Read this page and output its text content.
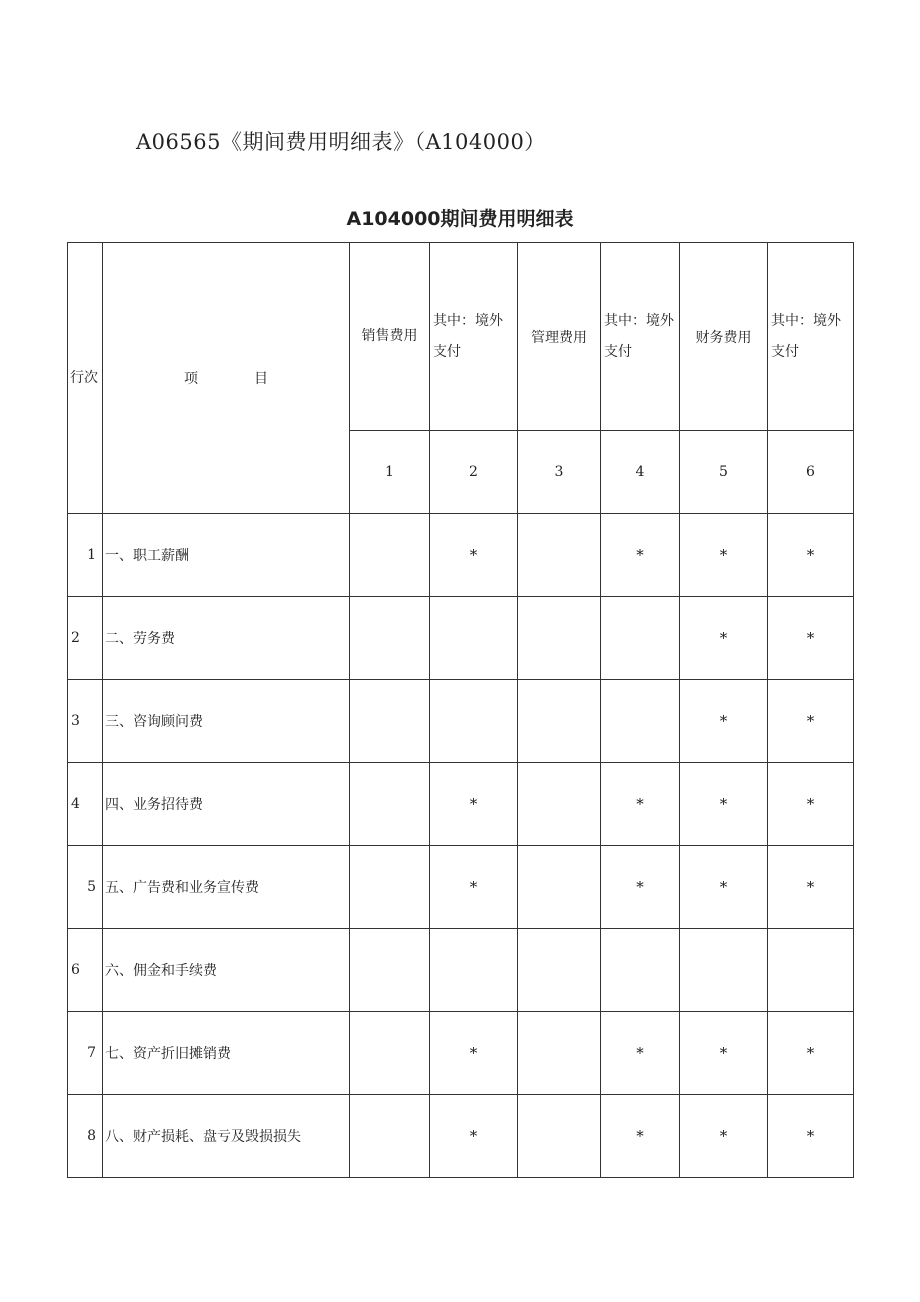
A06565《期间费用明细表》（A104000）
A104000期间费用明细表
行次	项　　　　目	销售费用	其中：境外支付	管理费用	其中：境外支付	财务费用	其中：境外支付
		1	2	3	4	5	6
1	一、职工薪酬		*		*	*	*
2	二、劳务费					*	*
3	三、咨询顾问费					*	*
4	四、业务招待费		*		*	*	*
5	五、广告费和业务宣传费		*		*	*	*
6	六、佣金和手续费						
7	七、资产折旧摊销费		*		*	*	*
8	八、财产损耗、盘亏及毁损损失		*		*	*	*
